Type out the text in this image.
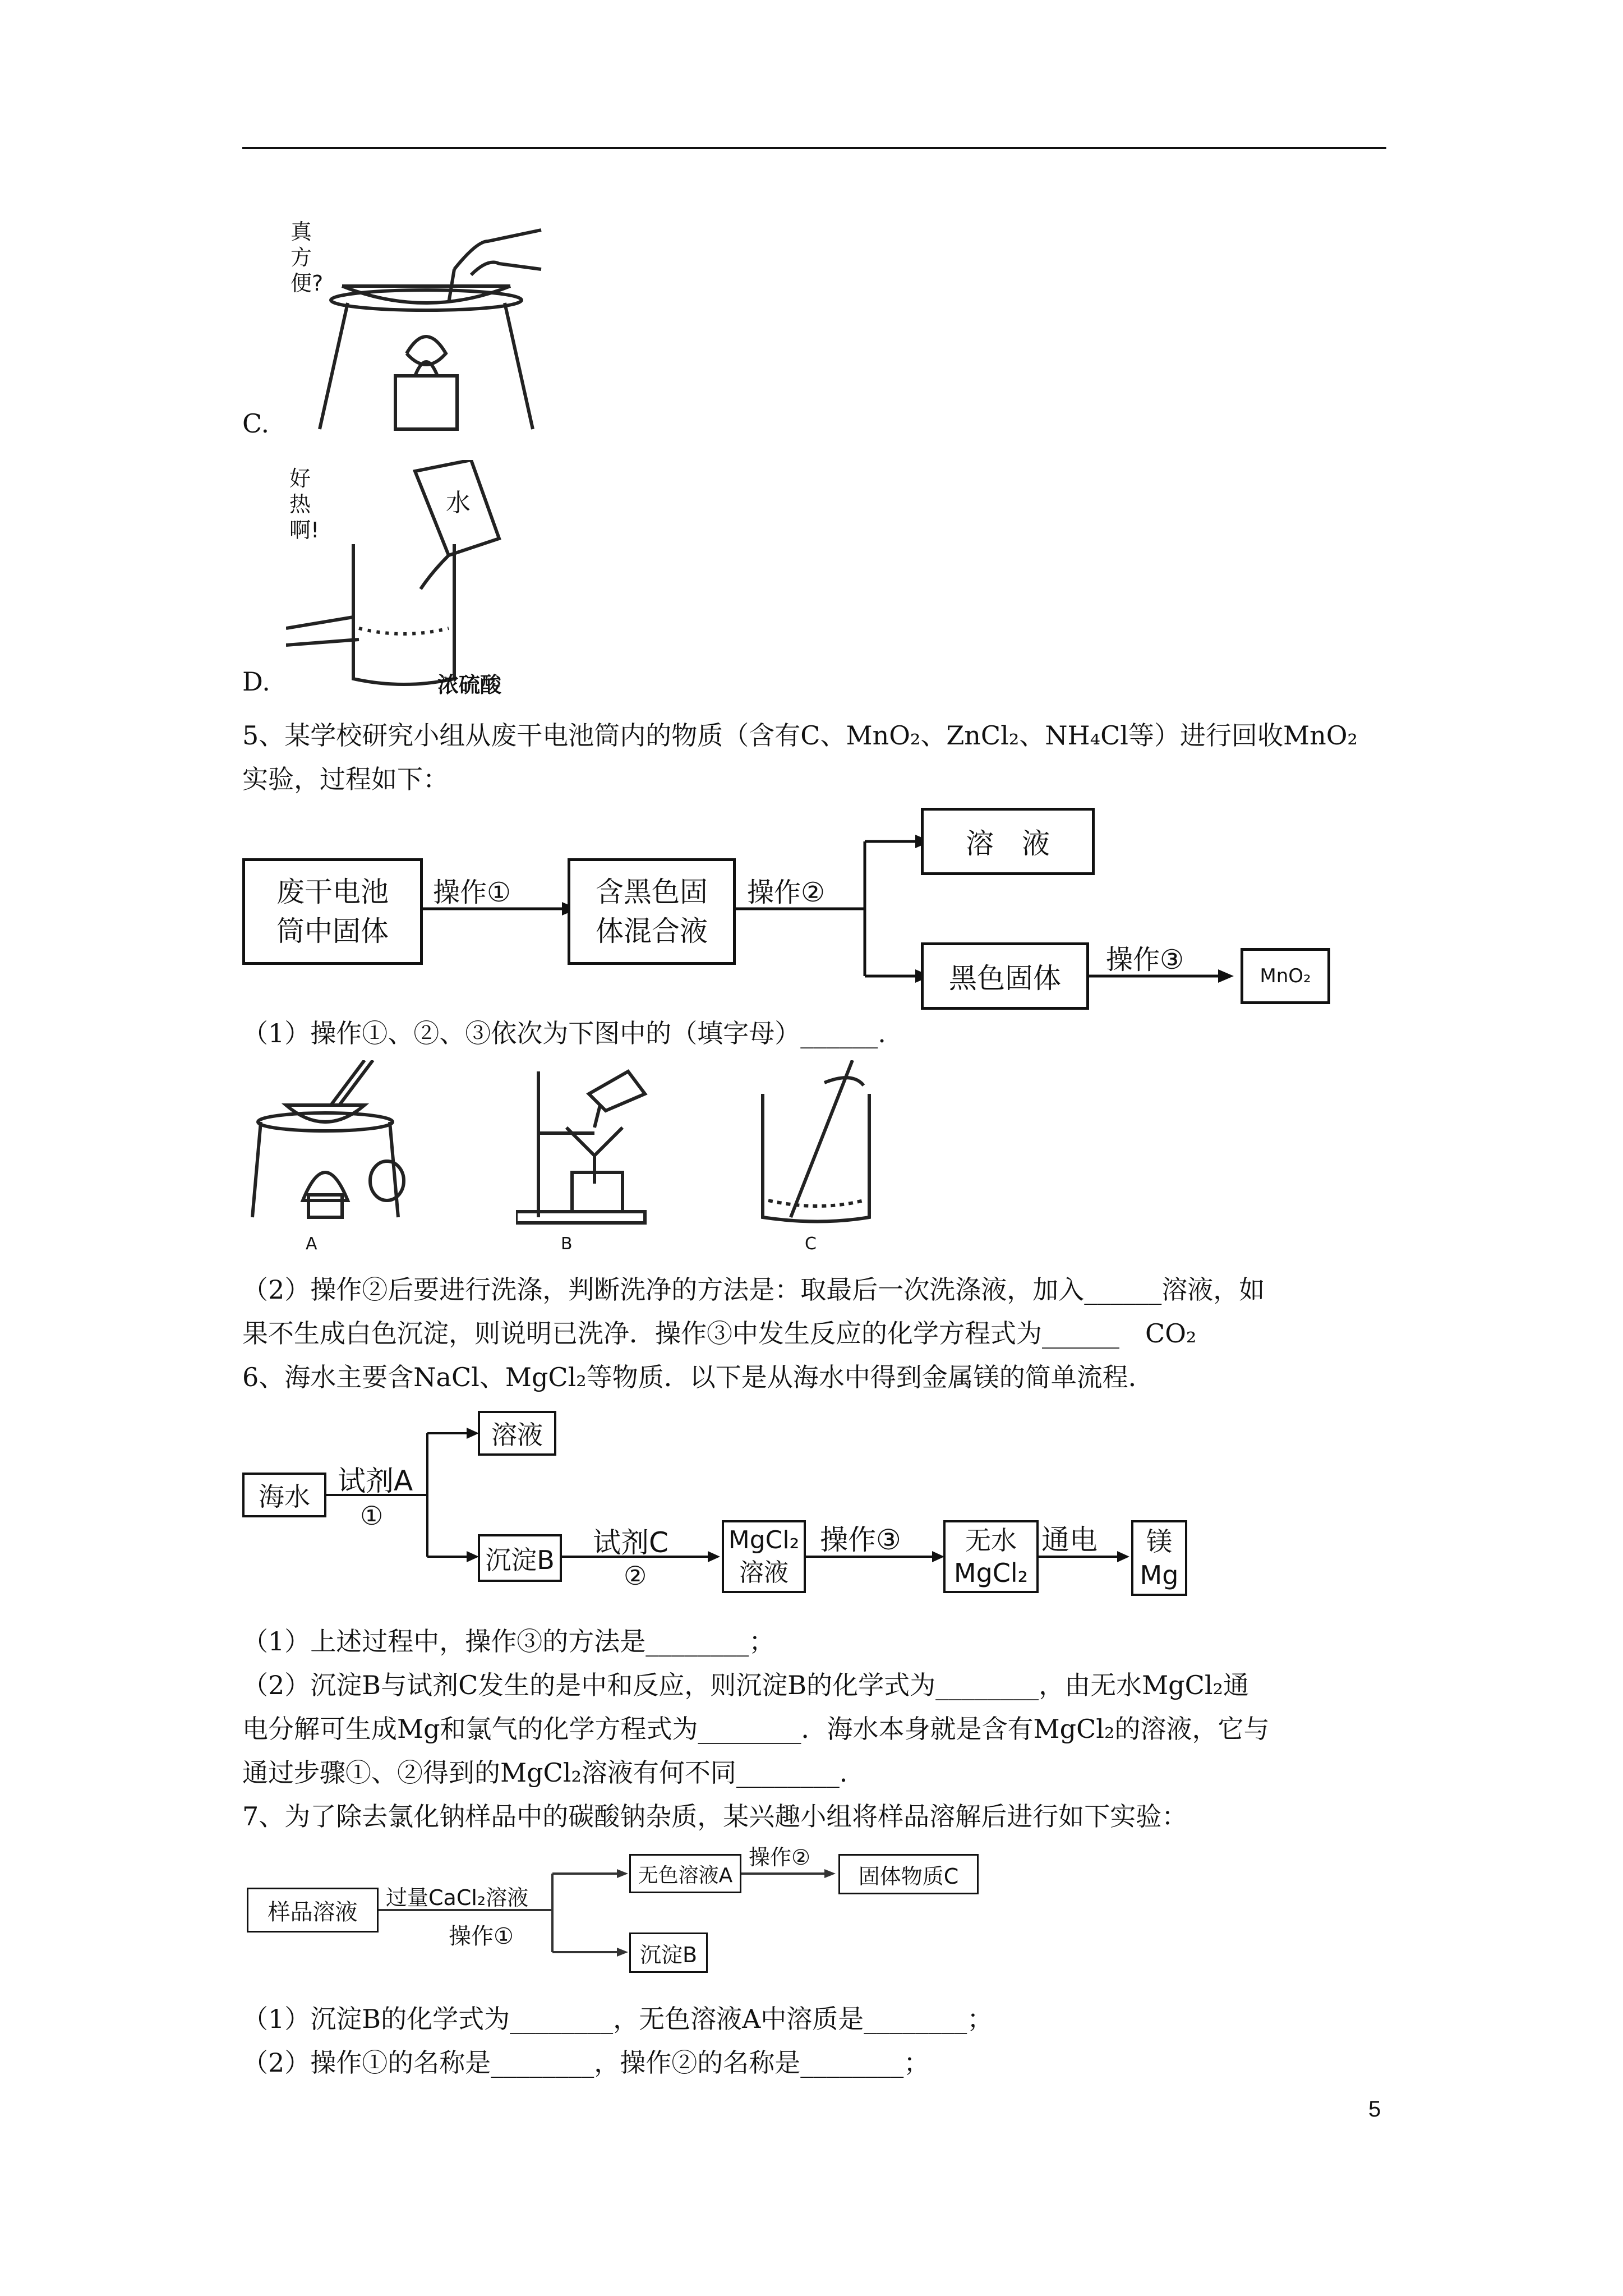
真方便?
C.
好热啊!
水
浓硫酸
D.
5、某学校研究小组从废干电池筒内的物质（含有C、MnO₂、ZnCl₂、NH₄Cl等）进行回收MnO₂
实验，过程如下：
废干电池
筒中固体
操作①	含黑色固
体混合液
操作②
溶　液
黑色固体
操作③
MnO₂
（1）操作①、②、③依次为下图中的（填字母）______.
A	B	C
（2）操作②后要进行洗涤，判断洗净的方法是：取最后一次洗涤液，加入______溶液，如
果不生成白色沉淀，则说明已洗净．操作③中发生反应的化学方程式为______　CO₂
6、海水主要含NaCl、MgCl₂等物质．以下是从海水中得到金属镁的简单流程．
海水 试剂A
①
溶液
沉淀B
试剂C
②
MgCl₂
溶液
操作③ 无水
MgCl₂
通电 镁
Mg
（1）上述过程中，操作③的方法是________；
（2）沉淀B与试剂C发生的是中和反应，则沉淀B的化学式为________，由无水MgCl₂通
电分解可生成Mg和氯气的化学方程式为________．海水本身就是含有MgCl₂的溶液，它与
通过步骤①、②得到的MgCl₂溶液有何不同________．
7、为了除去氯化钠样品中的碳酸钠杂质，某兴趣小组将样品溶解后进行如下实验：
样品溶液
过量CaCl₂溶液
操作①
无色溶液A
操作②
固体物质C
沉淀B
（1）沉淀B的化学式为________，无色溶液A中溶质是________；
（2）操作①的名称是________，操作②的名称是________；
5
